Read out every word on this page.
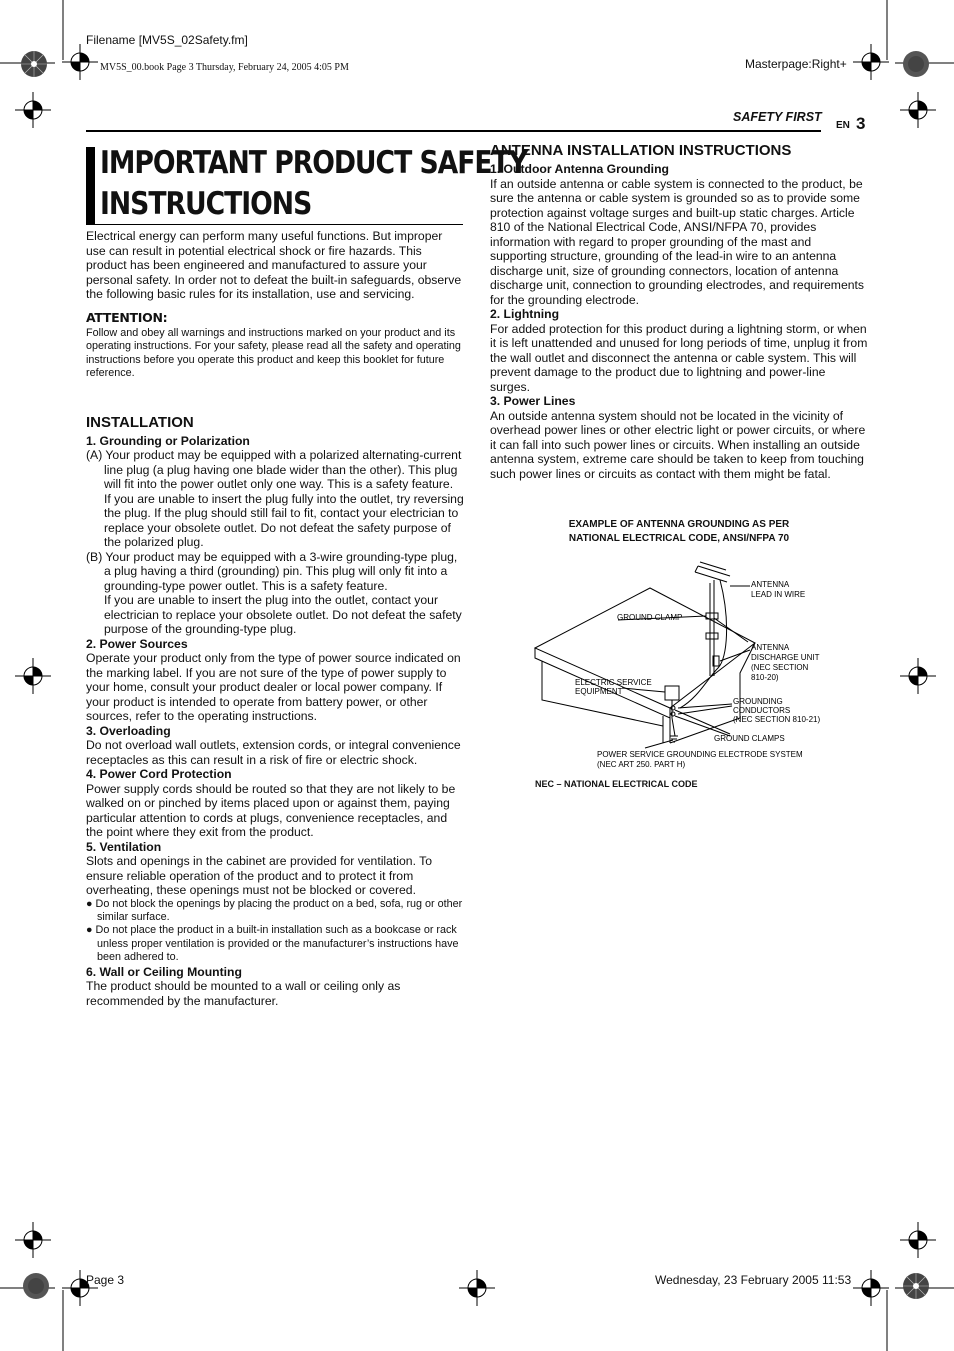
Filename [MV5S_02Safety.fm]
MV5S_00.book Page 3 Thursday, February 24, 2005 4:05 PM	Masterpage:Right+
Page 3	Wednesday, 23 February 2005 11:53
SAFETY FIRST
EN 3
IMPORTANT PRODUCT SAFETY
INSTRUCTIONS

Electrical energy can perform many useful functions. But improper use can result in potential electrical shock or fire hazards. This product has been engineered and manufactured to assure your personal safety. In order not to defeat the built-in safeguards, observe the following basic rules for its installation, use and servicing.

ATTENTION:

Follow and obey all warnings and instructions marked on your product and its operating instructions. For your safety, please read all the safety and operating instructions before you operate this product and keep this booklet for future reference.

INSTALLATION

1. Grounding or Polarization

(A) Your product may be equipped with a polarized alternating-current line plug (a plug having one blade wider than the other). This plug will fit into the power outlet only one way. This is a safety feature.

If you are unable to insert the plug fully into the outlet, try reversing the plug. If the plug should still fail to fit, contact your electrician to replace your obsolete outlet. Do not defeat the safety purpose of the polarized plug.

(B) Your product may be equipped with a 3-wire grounding-type plug, a plug having a third (grounding) pin. This plug will only fit into a grounding-type power outlet. This is a safety feature.

If you are unable to insert the plug into the outlet, contact your electrician to replace your obsolete outlet. Do not defeat the safety purpose of the grounding-type plug.

2. Power Sources

Operate your product only from the type of power source indicated on the marking label. If you are not sure of the type of power supply to your home, consult your product dealer or local power company. If your product is intended to operate from battery power, or other sources, refer to the operating instructions.

3. Overloading

Do not overload wall outlets, extension cords, or integral convenience receptacles as this can result in a risk of fire or electric shock.

4. Power Cord Protection

Power supply cords should be routed so that they are not likely to be walked on or pinched by items placed upon or against them, paying particular attention to cords at plugs, convenience receptacles, and the point where they exit from the product.

5. Ventilation

Slots and openings in the cabinet are provided for ventilation. To ensure reliable operation of the product and to protect it from overheating, these openings must not be blocked or covered.

● Do not block the openings by placing the product on a bed, sofa, rug or other similar surface.

● Do not place the product in a built-in installation such as a bookcase or rack unless proper ventilation is provided or the manufacturer’s instructions have been adhered to.

6. Wall or Ceiling Mounting

The product should be mounted to a wall or ceiling only as recommended by the manufacturer.

ANTENNA INSTALLATION INSTRUCTIONS

1. Outdoor Antenna Grounding

If an outside antenna or cable system is connected to the product, be sure the antenna or cable system is grounded so as to provide some protection against voltage surges and built-up static charges. Article 810 of the National Electrical Code, ANSI/NFPA 70, provides information with regard to proper grounding of the mast and supporting structure, grounding of the lead-in wire to an antenna discharge unit, size of grounding connectors, location of antenna discharge unit, connection to grounding electrodes, and requirements for the grounding electrode.

2. Lightning

For added protection for this product during a lightning storm, or when it is left unattended and unused for long periods of time, unplug it from the wall outlet and disconnect the antenna or cable system. This will prevent damage to the product due to lightning and power-line surges.

3. Power Lines

An outside antenna system should not be located in the vicinity of overhead power lines or other electric light or power circuits, or where it can fall into such power lines or circuits. When installing an outside antenna system, extreme care should be taken to keep from touching such power lines or circuits as contact with them might be fatal.

EXAMPLE OF ANTENNA GROUNDING AS PER
NATIONAL ELECTRICAL CODE, ANSI/NFPA 70
ANTENNA
LEAD IN WIRE
GROUND CLAMP
ANTENNA
DISCHARGE UNIT
(NEC SECTION
810-20)
ELECTRIC SERVICE
EQUIPMENT
GROUNDING
CONDUCTORS
(NEC SECTION 810-21)
GROUND CLAMPS
POWER SERVICE GROUNDING ELECTRODE SYSTEM
(NEC ART 250. PART H)
NEC – NATIONAL ELECTRICAL CODE
